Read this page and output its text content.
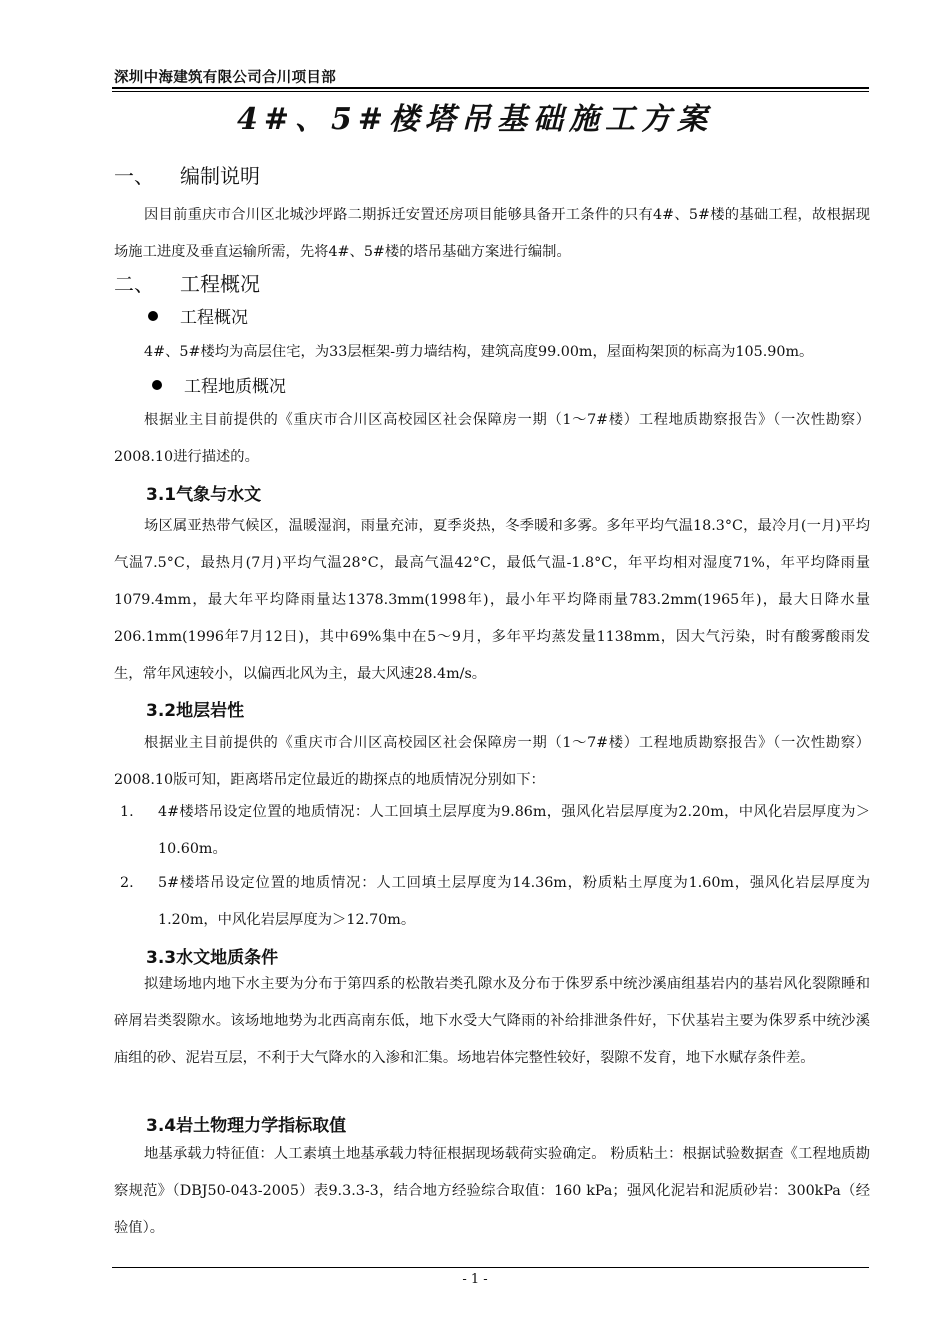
深圳中海建筑有限公司合川项目部
4#、5#楼塔吊基础施工方案
一、 编制说明
因目前重庆市合川区北城沙坪路二期拆迁安置还房项目能够具备开工条件的只有4#、5#楼的基础工程，故根据现场施工进度及垂直运输所需，先将4#、5#楼的塔吊基础方案进行编制。
二、 工程概况
工程概况
4#、5#楼均为高层住宅，为33层框架-剪力墙结构，建筑高度99.00m，屋面构架顶的标高为105.90m。
工程地质概况
根据业主目前提供的《重庆市合川区高校园区社会保障房一期（1～7#楼）工程地质勘察报告》（一次性勘察）2008.10进行描述的。
3.1气象与水文
场区属亚热带气候区，温暖湿润，雨量充沛，夏季炎热，冬季暖和多雾。多年平均气温18.3°C，最冷月(一月)平均气温7.5°C，最热月(7月)平均气温28°C，最高气温42°C，最低气温-1.8°C，年平均相对湿度71%，年平均降雨量1079.4mm，最大年平均降雨量达1378.3mm(1998年)，最小年平均降雨量783.2mm(1965年)，最大日降水量206.1mm(1996年7月12日)，其中69%集中在5～9月，多年平均蒸发量1138mm，因大气污染，时有酸雾酸雨发生，常年风速较小，以偏西北风为主，最大风速28.4m/s。
3.2地层岩性
根据业主目前提供的《重庆市合川区高校园区社会保障房一期（1～7#楼）工程地质勘察报告》（一次性勘察）2008.10版可知，距离塔吊定位最近的勘探点的地质情况分别如下：
1. 4#楼塔吊设定位置的地质情况：人工回填土层厚度为9.86m，强风化岩层厚度为2.20m，中风化岩层厚度为＞10.60m。
2. 5#楼塔吊设定位置的地质情况：人工回填土层厚度为14.36m，粉质粘土厚度为1.60m，强风化岩层厚度为1.20m，中风化岩层厚度为＞12.70m。
3.3水文地质条件
拟建场地内地下水主要为分布于第四系的松散岩类孔隙水及分布于侏罗系中统沙溪庙组基岩内的基岩风化裂隙睡和碎屑岩类裂隙水。该场地地势为北西高南东低，地下水受大气降雨的补给排泄条件好，下伏基岩主要为侏罗系中统沙溪庙组的砂、泥岩互层，不利于大气降水的入渗和汇集。场地岩体完整性较好，裂隙不发育，地下水赋存条件差。
3.4岩土物理力学指标取值
地基承载力特征值：人工素填土地基承载力特征根据现场载荷实验确定。 粉质粘土：根据试验数据查《工程地质勘察规范》（DBJ50-043-2005）表9.3.3-3，结合地方经验综合取值：160 kPa；强风化泥岩和泥质砂岩：300kPa（经验值）。
- 1 -
